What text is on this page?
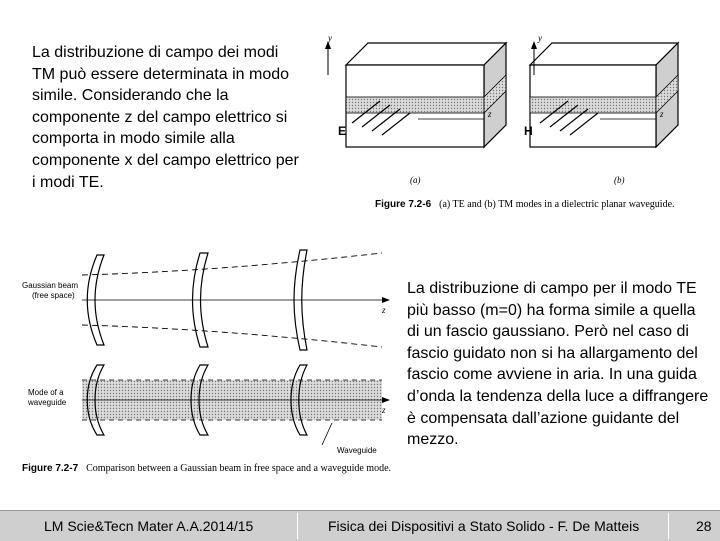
La distribuzione di campo dei modi TM può essere determinata in modo simile. Considerando che la componente z del campo elettrico si comporta in modo simile alla componente x del campo elettrico per i modi TE.
E
y
z
(a)
H
y
z
(b)
Figure 7.2-6 (a) TE and (b) TM modes in a dielectric planar waveguide.
Gaussian beam
(free space)
z
Mode of a
waveguide
Waveguide
z
Figure 7.2-7 Comparison between a Gaussian beam in free space and a waveguide mode.
La distribuzione di campo per il modo TE più basso (m=0) ha forma simile a quella di un fascio gaussiano. Però nel caso di fascio guidato non si ha allargamento del fascio come avviene in aria. In una guida d’onda la tendenza della luce a diffrangere è compensata dall’azione guidante del mezzo.
LM Scie&Tecn Mater A.A.2014/15	Fisica dei Dispositivi a Stato Solido - F. De Matteis	28
